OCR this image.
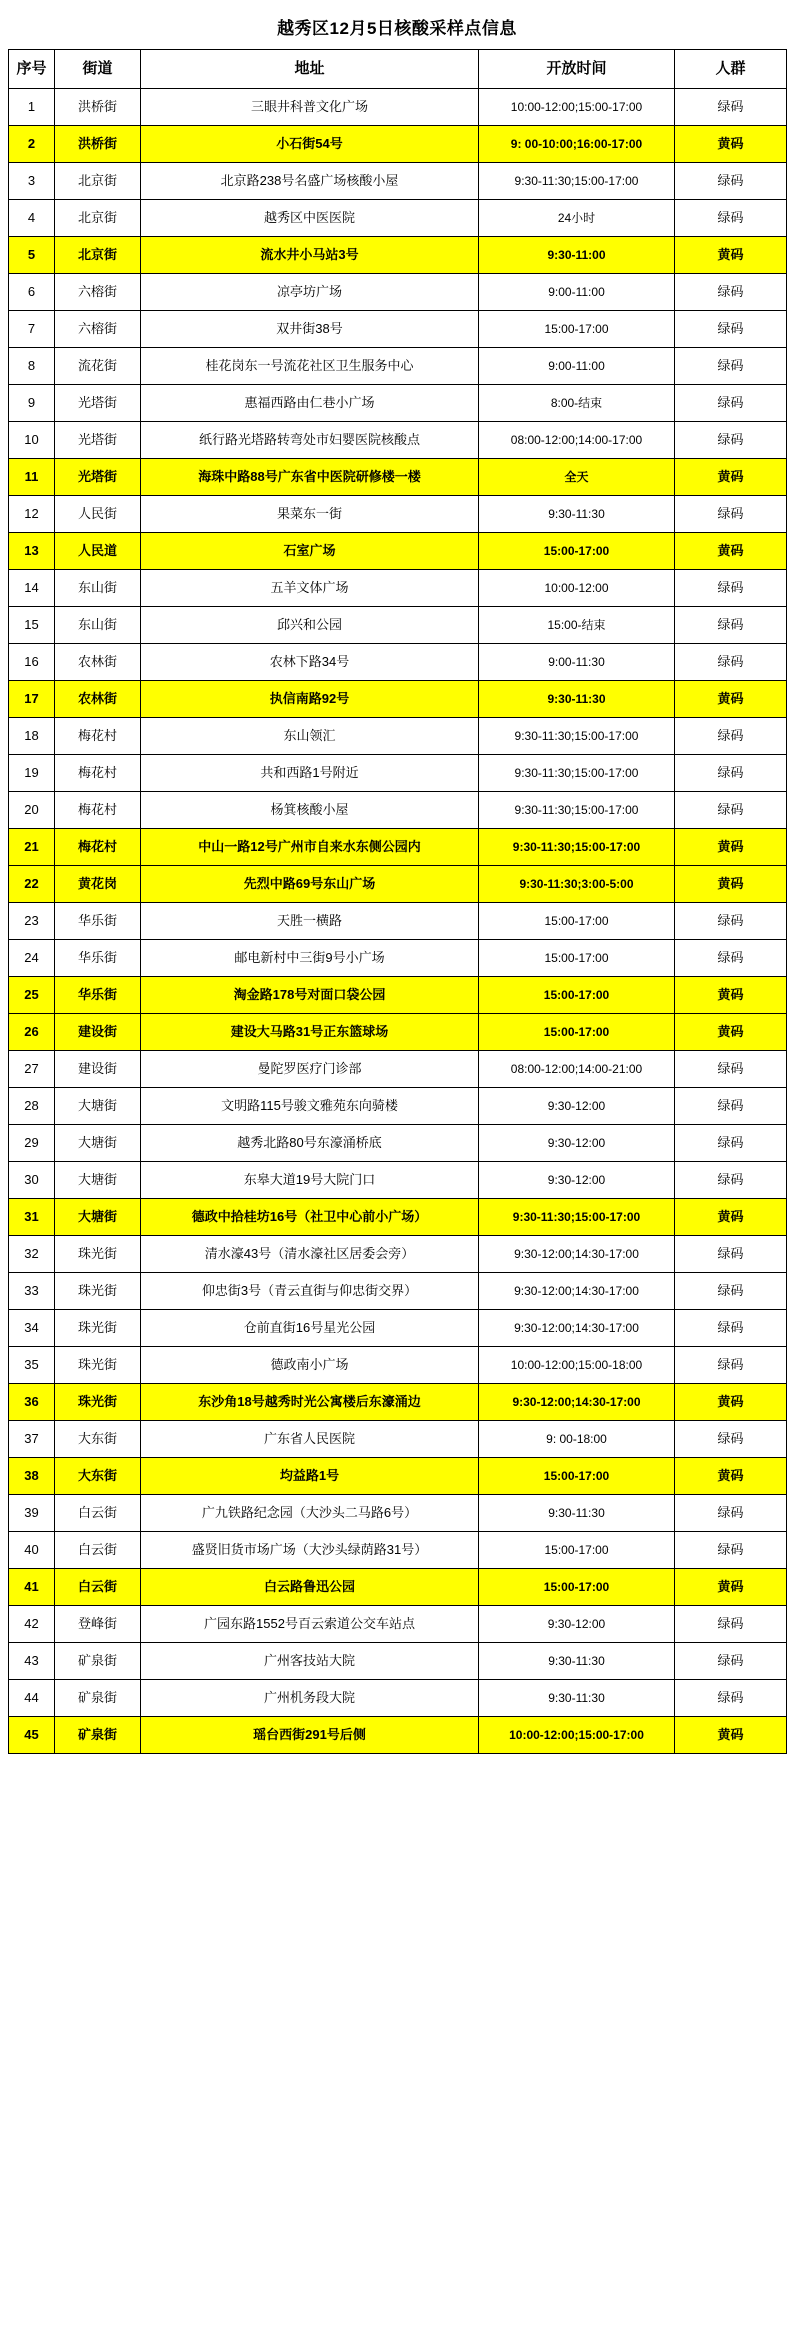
越秀区12月5日核酸采样点信息
序号	街道	地址	开放时间	人群
1	洪桥街	三眼井科普文化广场	10:00-12:00;15:00-17:00	绿码
2	洪桥街	小石街54号	9: 00-10:00;16:00-17:00	黄码
3	北京街	北京路238号名盛广场核酸小屋	9:30-11:30;15:00-17:00	绿码
4	北京街	越秀区中医医院	24小时	绿码
5	北京街	流水井小马站3号	9:30-11:00	黄码
6	六榕街	凉亭坊广场	9:00-11:00	绿码
7	六榕街	双井街38号	15:00-17:00	绿码
8	流花街	桂花岗东一号流花社区卫生服务中心	9:00-11:00	绿码
9	光塔街	惠福西路由仁巷小广场	8:00-结束	绿码
10	光塔街	纸行路光塔路转弯处市妇婴医院核酸点	08:00-12:00;14:00-17:00	绿码
11	光塔街	海珠中路88号广东省中医院研修楼一楼	全天	黄码
12	人民街	果菜东一街	9:30-11:30	绿码
13	人民道	石室广场	15:00-17:00	黄码
14	东山街	五羊文体广场	10:00-12:00	绿码
15	东山街	邱兴和公园	15:00-结束	绿码
16	农林街	农林下路34号	9:00-11:30	绿码
17	农林街	执信南路92号	9:30-11:30	黄码
18	梅花村	东山领汇	9:30-11:30;15:00-17:00	绿码
19	梅花村	共和西路1号附近	9:30-11:30;15:00-17:00	绿码
20	梅花村	杨箕核酸小屋	9:30-11:30;15:00-17:00	绿码
21	梅花村	中山一路12号广州市自来水东侧公园内	9:30-11:30;15:00-17:00	黄码
22	黄花岗	先烈中路69号东山广场	9:30-11:30;3:00-5:00	黄码
23	华乐街	天胜一横路	15:00-17:00	绿码
24	华乐街	邮电新村中三街9号小广场	15:00-17:00	绿码
25	华乐街	淘金路178号对面口袋公园	15:00-17:00	黄码
26	建设街	建设大马路31号正东篮球场	15:00-17:00	黄码
27	建设街	曼陀罗医疗门诊部	08:00-12:00;14:00-21:00	绿码
28	大塘街	文明路115号骏文雅苑东向骑楼	9:30-12:00	绿码
29	大塘街	越秀北路80号东濠涌桥底	9:30-12:00	绿码
30	大塘街	东皋大道19号大院门口	9:30-12:00	绿码
31	大塘街	德政中拾桂坊16号（社卫中心前小广场）	9:30-11:30;15:00-17:00	黄码
32	珠光街	清水濠43号（清水濠社区居委会旁）	9:30-12:00;14:30-17:00	绿码
33	珠光街	仰忠街3号（青云直街与仰忠街交界）	9:30-12:00;14:30-17:00	绿码
34	珠光街	仓前直街16号星光公园	9:30-12:00;14:30-17:00	绿码
35	珠光街	德政南小广场	10:00-12:00;15:00-18:00	绿码
36	珠光街	东沙角18号越秀时光公寓楼后东濠涌边	9:30-12:00;14:30-17:00	黄码
37	大东街	广东省人民医院	9: 00-18:00	绿码
38	大东街	均益路1号	15:00-17:00	黄码
39	白云街	广九铁路纪念园（大沙头二马路6号）	9:30-11:30	绿码
40	白云街	盛贤旧货市场广场（大沙头绿荫路31号）	15:00-17:00	绿码
41	白云街	白云路鲁迅公园	15:00-17:00	黄码
42	登峰街	广园东路1552号百云索道公交车站点	9:30-12:00	绿码
43	矿泉街	广州客技站大院	9:30-11:30	绿码
44	矿泉街	广州机务段大院	9:30-11:30	绿码
45	矿泉街	瑶台西街291号后侧	10:00-12:00;15:00-17:00	黄码
